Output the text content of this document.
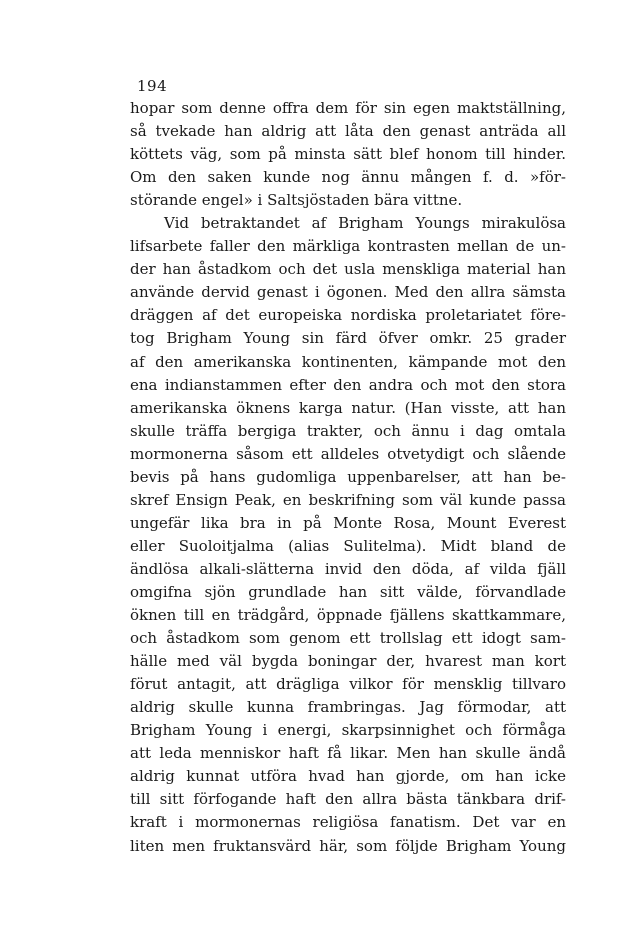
194
hopar som denne offra dem för sin egen maktställning,
så tvekade han aldrig att låta den genast anträda all
köttets väg, som på minsta sätt blef honom till hinder.
Om den saken kunde nog ännu mången f. d. »för-
störande engel» i Saltsjöstaden bära vittne.
Vid betraktandet af Brigham Youngs mirakulösa
lifsarbete faller den märkliga kontrasten mellan de un-
der han åstadkom och det usla menskliga material han
använde dervid genast i ögonen. Med den allra sämsta
dräggen af det europeiska nordiska proletariatet före-
tog Brigham Young sin färd öfver omkr. 25 grader
af den amerikanska kontinenten, kämpande mot den
ena indianstammen efter den andra och mot den stora
amerikanska öknens karga natur. (Han visste, att han
skulle träffa bergiga trakter, och ännu i dag omtala
mormonerna såsom ett alldeles otvetydigt och slående
bevis på hans gudomliga uppenbarelser, att han be-
skref Ensign Peak, en beskrifning som väl kunde passa
ungefär lika bra in på Monte Rosa, Mount Everest
eller Suoloitjalma (alias Sulitelma). Midt bland de
ändlösa alkali-slätterna invid den döda, af vilda fjäll
omgifna sjön grundlade han sitt välde, förvandlade
öknen till en trädgård, öppnade fjällens skattkammare,
och åstadkom som genom ett trollslag ett idogt sam-
hälle med väl bygda boningar der, hvarest man kort
förut antagit, att drägliga vilkor för mensklig tillvaro
aldrig skulle kunna frambringas. Jag förmodar, att
Brigham Young i energi, skarpsinnighet och förmåga
att leda menniskor haft få likar. Men han skulle ändå
aldrig kunnat utföra hvad han gjorde, om han icke
till sitt förfogande haft den allra bästa tänkbara drif-
kraft i mormonernas religiösa fanatism. Det var en
liten men fruktansvärd här, som följde Brigham Young
